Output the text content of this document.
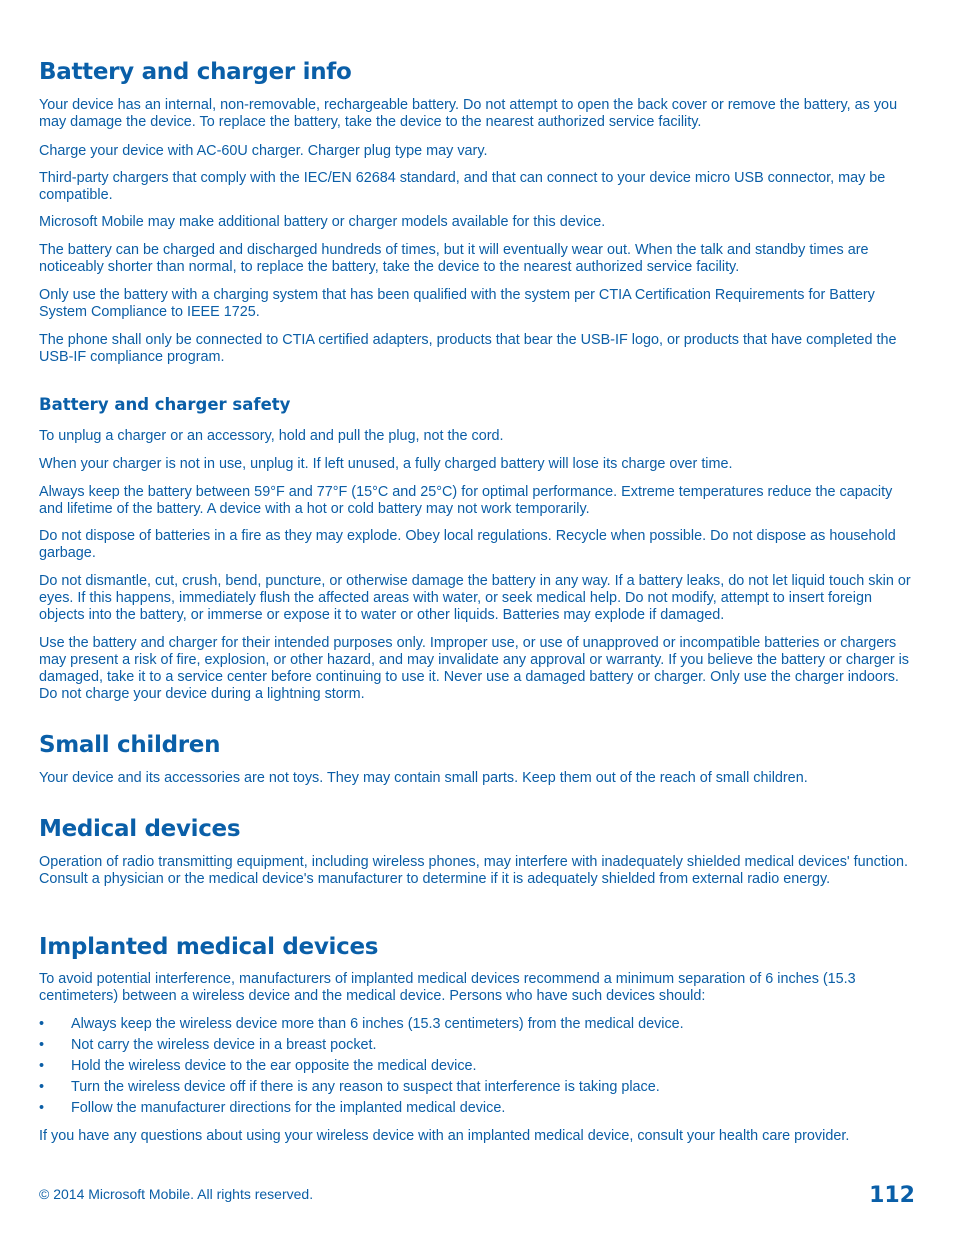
Battery and charger info

Your device has an internal, non-removable, rechargeable battery. Do not attempt to open the back cover or remove the battery, as you may damage the device. To replace the battery, take the device to the nearest authorized service facility.

Charge your device with AC-60U charger. Charger plug type may vary.

Third-party chargers that comply with the IEC/EN 62684 standard, and that can connect to your device micro USB connector, may be compatible.

Microsoft Mobile may make additional battery or charger models available for this device.

The battery can be charged and discharged hundreds of times, but it will eventually wear out. When the talk and standby times are noticeably shorter than normal, to replace the battery, take the device to the nearest authorized service facility.

Only use the battery with a charging system that has been qualified with the system per CTIA Certification Requirements for Battery System Compliance to IEEE 1725.

The phone shall only be connected to CTIA certified adapters, products that bear the USB-IF logo, or products that have completed the USB-IF compliance program.

Battery and charger safety

To unplug a charger or an accessory, hold and pull the plug, not the cord.

When your charger is not in use, unplug it. If left unused, a fully charged battery will lose its charge over time.

Always keep the battery between 59°F and 77°F (15°C and 25°C) for optimal performance. Extreme temperatures reduce the capacity and lifetime of the battery. A device with a hot or cold battery may not work temporarily.

Do not dispose of batteries in a fire as they may explode. Obey local regulations. Recycle when possible. Do not dispose as household garbage.

Do not dismantle, cut, crush, bend, puncture, or otherwise damage the battery in any way. If a battery leaks, do not let liquid touch skin or eyes. If this happens, immediately flush the affected areas with water, or seek medical help. Do not modify, attempt to insert foreign objects into the battery, or immerse or expose it to water or other liquids. Batteries may explode if damaged.

Use the battery and charger for their intended purposes only. Improper use, or use of unapproved or incompatible batteries or chargers may present a risk of fire, explosion, or other hazard, and may invalidate any approval or warranty. If you believe the battery or charger is damaged, take it to a service center before continuing to use it. Never use a damaged battery or charger. Only use the charger indoors. Do not charge your device during a lightning storm.

Small children

Your device and its accessories are not toys. They may contain small parts. Keep them out of the reach of small children.

Medical devices

Operation of radio transmitting equipment, including wireless phones, may interfere with inadequately shielded medical devices' function. Consult a physician or the medical device's manufacturer to determine if it is adequately shielded from external radio energy.

Implanted medical devices

To avoid potential interference, manufacturers of implanted medical devices recommend a minimum separation of 6 inches (15.3 centimeters) between a wireless device and the medical device. Persons who have such devices should:

• Always keep the wireless device more than 6 inches (15.3 centimeters) from the medical device.
• Not carry the wireless device in a breast pocket.
• Hold the wireless device to the ear opposite the medical device.
• Turn the wireless device off if there is any reason to suspect that interference is taking place.
• Follow the manufacturer directions for the implanted medical device.

If you have any questions about using your wireless device with an implanted medical device, consult your health care provider.

© 2014 Microsoft Mobile. All rights reserved.	112
